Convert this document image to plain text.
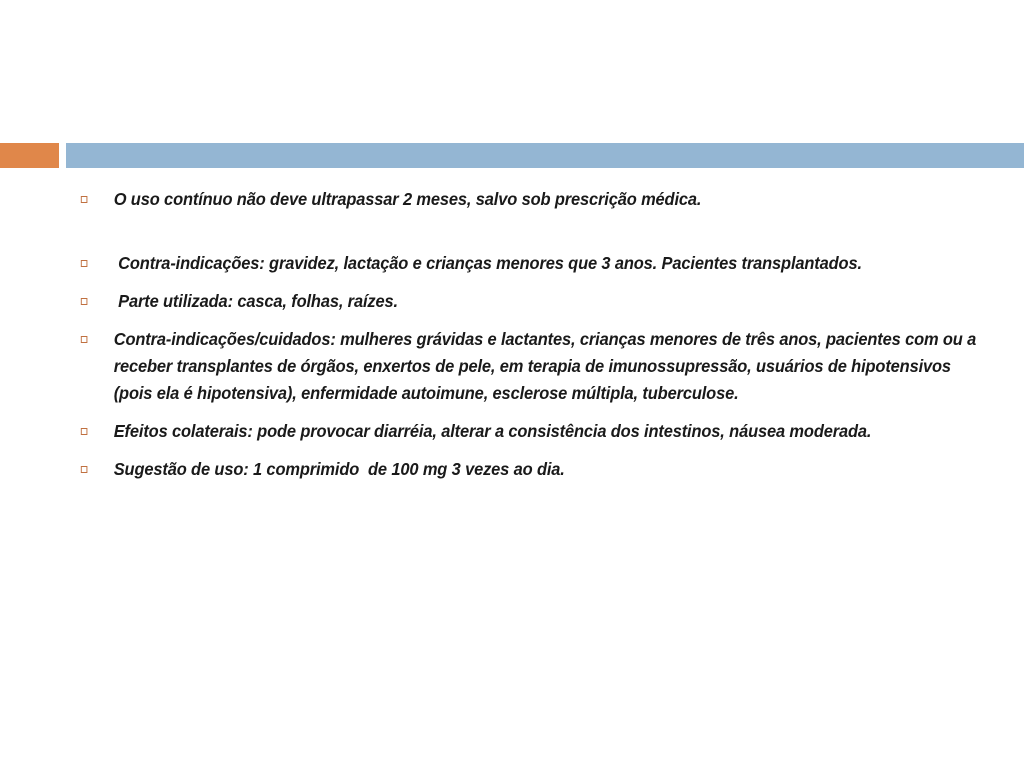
O uso contínuo não deve ultrapassar 2 meses, salvo sob prescrição médica.
Contra-indicações: gravidez, lactação e crianças menores que 3 anos. Pacientes transplantados.
Parte utilizada: casca, folhas, raízes.
Contra-indicações/cuidados: mulheres grávidas e lactantes, crianças menores de três anos, pacientes com ou a receber transplantes de órgãos, enxertos de pele, em terapia de imunossupressão, usuários de hipotensivos (pois ela é hipotensiva), enfermidade autoimune, esclerose múltipla, tuberculose.
Efeitos colaterais: pode provocar diarréia, alterar a consistência dos intestinos, náusea moderada.
Sugestão de uso: 1 comprimido  de 100 mg 3 vezes ao dia.
